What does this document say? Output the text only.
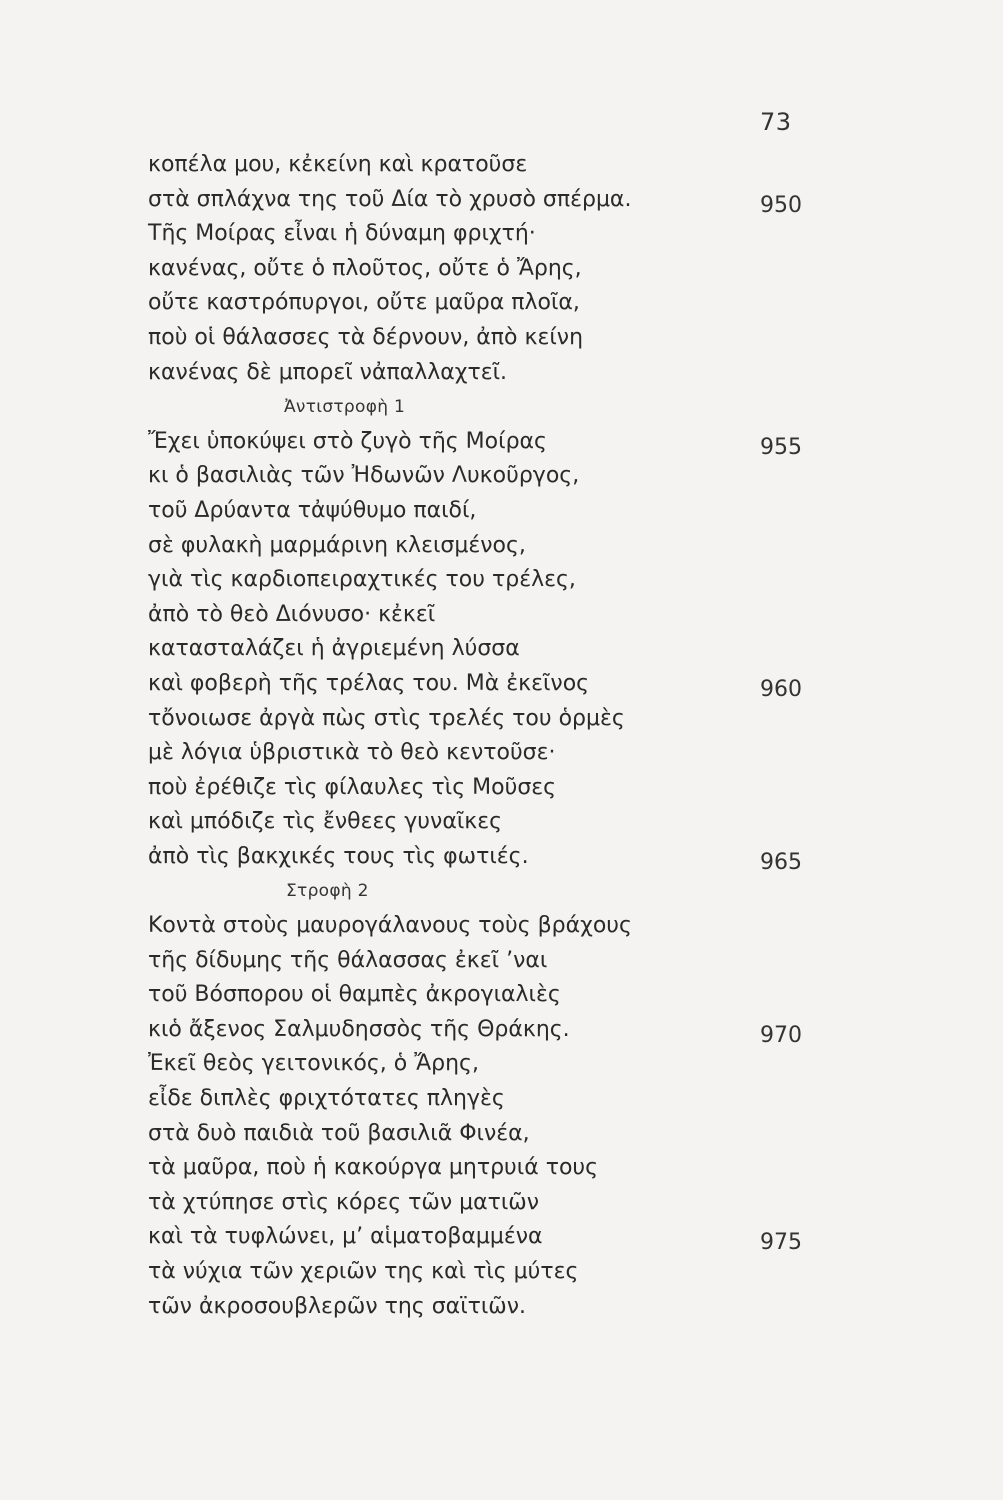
73
κοπέλα μου, κἐκείνη καὶ κρατοῦσε
στὰ σπλάχνα της τοῦ Δία τὸ χρυσὸ σπέρμα.	950
Τῆς Μοίρας εἶναι ἡ δύναμη φριχτή·
κανένας, οὔτε ὁ πλοῦτος, οὔτε ὁ Ἄρης,
οὔτε καστρόπυργοι, οὔτε μαῦρα πλοῖα,
ποὺ οἱ θάλασσες τὰ δέρνουν, ἀπὸ κείνη
κανένας δὲ μπορεῖ νἀπαλλαχτεῖ.
Ἀντιστροφὴ 1
Ἔχει ὑποκύψει στὸ ζυγὸ τῆς Μοίρας	955
κι ὁ βασιλιὰς τῶν Ἠδωνῶν Λυκοῦργος,
τοῦ Δρύαντα τἀψύθυμο παιδί,
σὲ φυλακὴ μαρμάρινη κλεισμένος,
γιὰ τὶς καρδιοπειραχτικές του τρέλες,
ἀπὸ τὸ θεὸ Διόνυσο· κἐκεῖ
κατασταλάζει ἡ ἀγριεμένη λύσσα
καὶ φοβερὴ τῆς τρέλας του. Μὰ ἐκεῖνος	960
τὄνοιωσε ἀργὰ πὼς στὶς τρελές του ὁρμὲς
μὲ λόγια ὑβριστικὰ τὸ θεὸ κεντοῦσε·
ποὺ ἐρέθιζε τὶς φίλαυλες τὶς Μοῦσες
καὶ μπόδιζε τὶς ἔνθεες γυναῖκες
ἀπὸ τὶς βακχικές τους τὶς φωτιές.	965
Στροφὴ 2
Κοντὰ στοὺς μαυρογάλανους τοὺς βράχους
τῆς δίδυμης τῆς θάλασσας ἐκεῖ ’ναι
τοῦ Βόσπορου οἱ θαμπὲς ἀκρογιαλιὲς
κιὁ ἄξενος Σαλμυδησσὸς τῆς Θράκης.	970
Ἐκεῖ θεὸς γειτονικός, ὁ Ἄρης,
εἶδε διπλὲς φριχτότατες πληγὲς
στὰ δυὸ παιδιὰ τοῦ βασιλιᾶ Φινέα,
τὰ μαῦρα, ποὺ ἡ κακούργα μητρυιά τους
τὰ χτύπησε στὶς κόρες τῶν ματιῶν
καὶ τὰ τυφλώνει, μ’ αἱματοβαμμένα	975
τὰ νύχια τῶν χεριῶν της καὶ τὶς μύτες
τῶν ἀκροσουβλερῶν της σαϊτιῶν.
